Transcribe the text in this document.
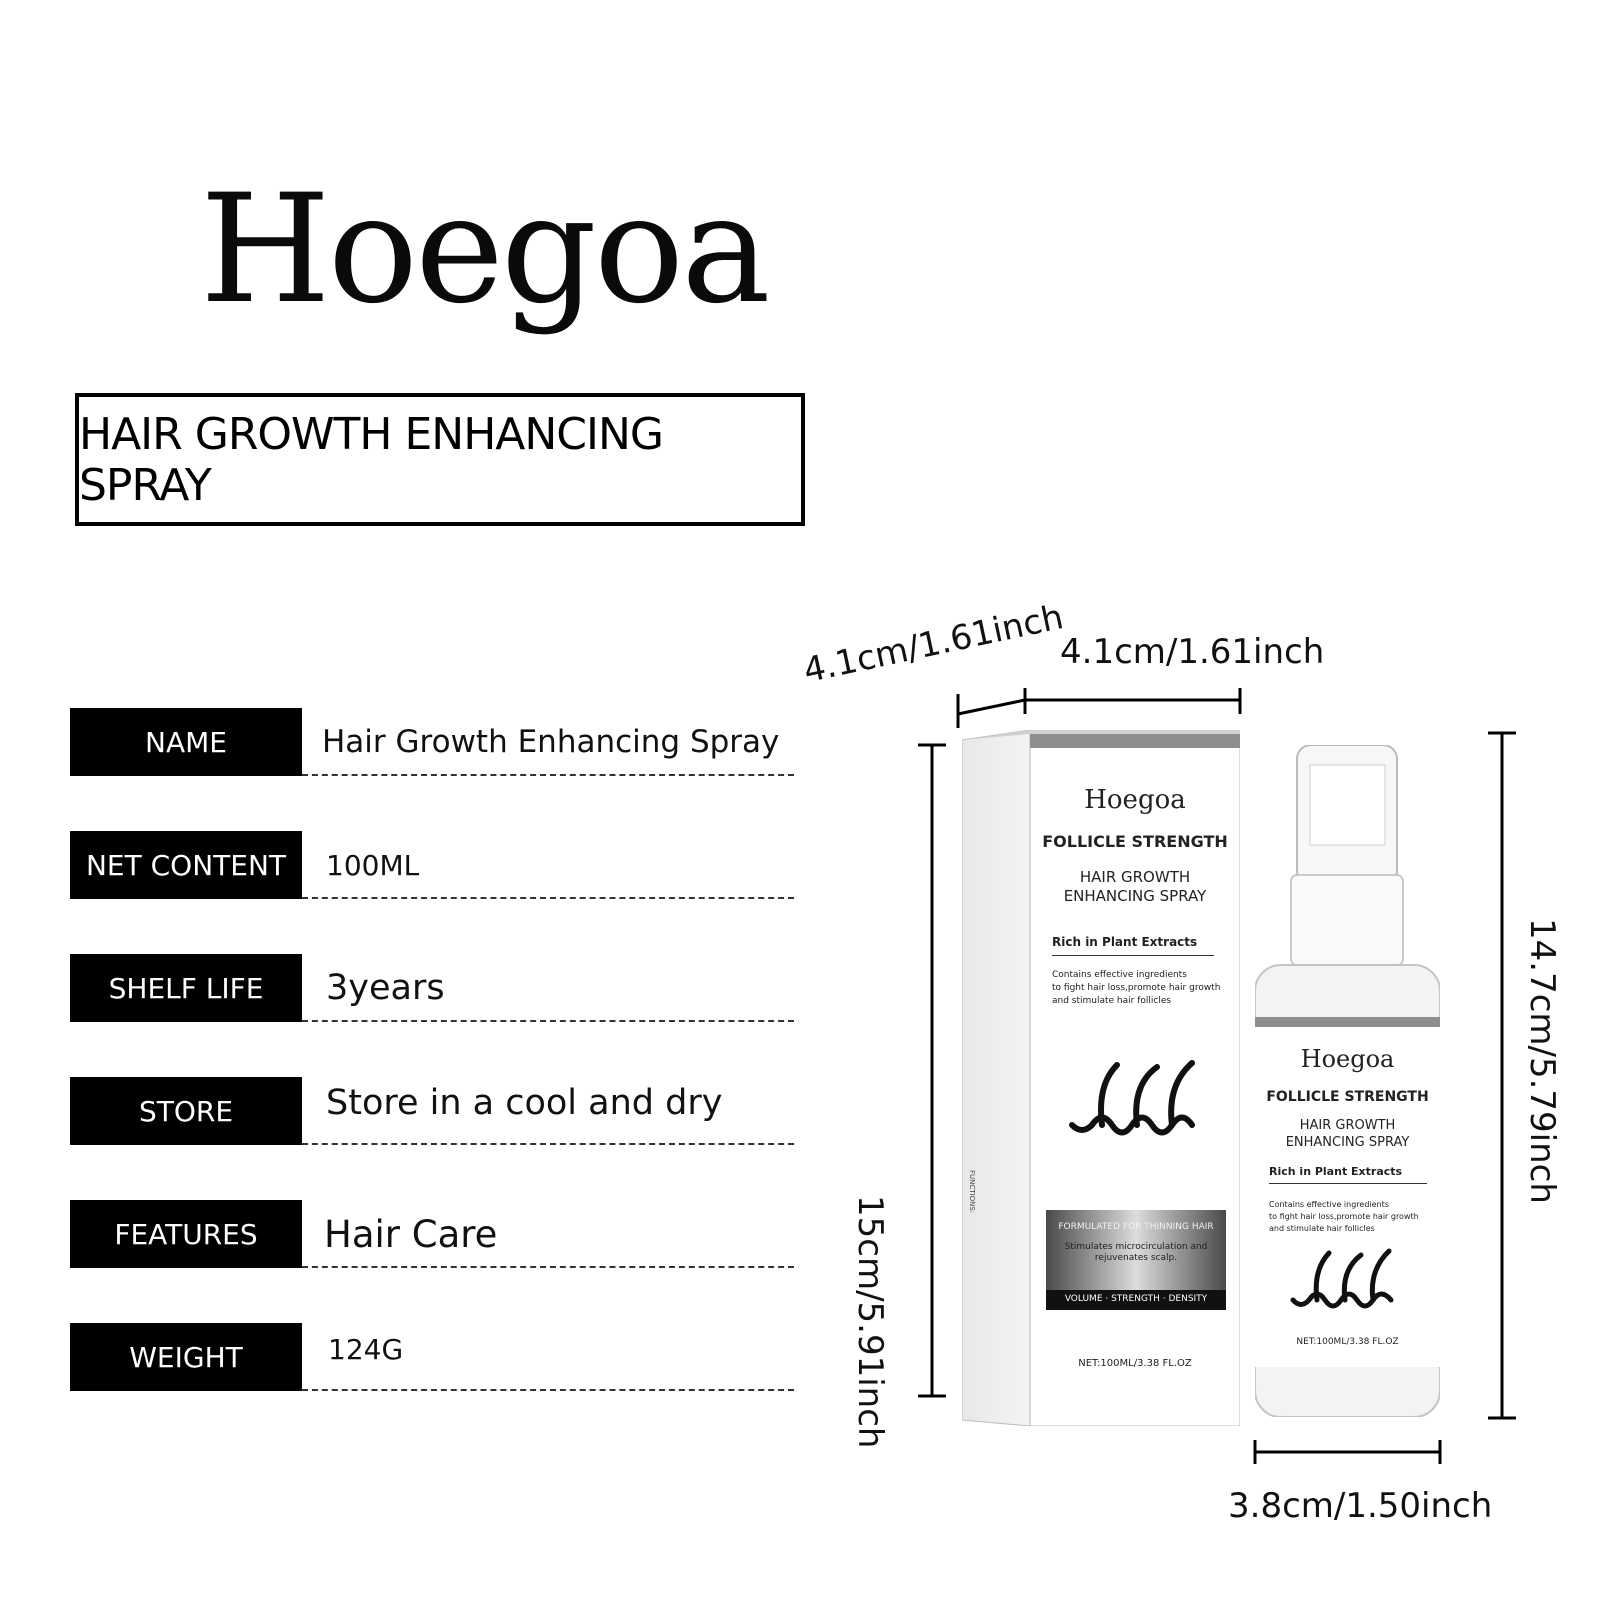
Hoegoa
HAIR GROWTH ENHANCING SPRAY
NAME	Hair Growth Enhancing Spray
NET CONTENT	100ML
SHELF LIFE	3years
STORE	Store in a cool and dry
FEATURES	Hair Care
WEIGHT	124G
4.1cm/1.61inch
4.1cm/1.61inch
15cm/5.91inch
14.7cm/5.79inch
3.8cm/1.50inch
Hoegoa
FOLLICLE STRENGTH
HAIR GROWTH
ENHANCING SPRAY
Rich in Plant Extracts
Contains effective ingredients
to fight hair loss,promote hair growth
and stimulate hair follicles
FORMULATED FOR THINNING HAIR
Stimulates microcirculation and
rejuvenates scalp.
VOLUME · STRENGTH · DENSITY
NET:100ML/3.38 FL.OZ
FUNCTIONS:
Hoegoa
FOLLICLE STRENGTH
HAIR GROWTH
ENHANCING SPRAY
Rich in Plant Extracts
Contains effective ingredients
to fight hair loss,promote hair growth
and stimulate hair follicles
NET:100ML/3.38 FL.OZ
